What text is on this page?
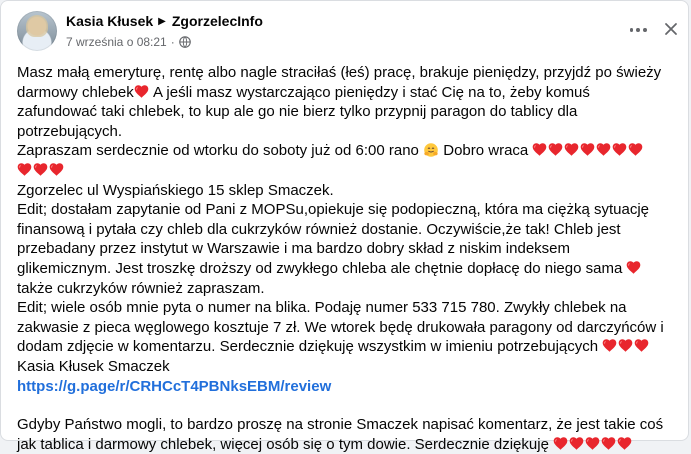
Kasia Kłusek ▶ ZgorzelecInfo
7 września o 08:21 ·

Masz małą emeryturę, rentę albo nagle straciłaś (łeś) pracę, brakuje pieniędzy, przyjdź po świeży darmowy chlebek A jeśli masz wystarczająco pieniędzy i stać Cię na to, żeby komuś zafundować taki chlebek, to kup ale go nie bierz tylko przypnij paragon do tablicy dla potrzebujących.

Zapraszam serdecznie od wtorku do soboty już od 6:00 rano  Dobro wraca

Zgorzelec ul Wyspiańskiego 15 sklep Smaczek.

Edit; dostałam zapytanie od Pani z MOPSu,opiekuje się podopieczną, która ma ciężką sytuację finansową i pytała czy chleb dla cukrzyków również dostanie. Oczywiście,że tak! Chleb jest przebadany przez instytut w Warszawie i ma bardzo dobry skład z niskim indeksem glikemicznym. Jest troszkę droższy od zwykłego chleba ale chętnie dopłacę do niego sama  także cukrzyków również zapraszam.

Edit; wiele osób mnie pyta o numer na blika. Podaję numer 533 715 780. Zwykły chlebek na zakwasie z pieca węglowego kosztuje 7 zł. We wtorek będę drukowała paragony od darczyńców i dodam zdjęcie w komentarzu. Serdecznie dziękuję wszystkim w imieniu potrzebujących

Kasia Kłusek Smaczek

https://g.page/r/CRHCcT4PBNksEBM/review

Gdyby Państwo mogli, to bardzo proszę na stronie Smaczek napisać komentarz, że jest takie coś jak tablica i darmowy chlebek, więcej osób się o tym dowie. Serdecznie dziękuję
